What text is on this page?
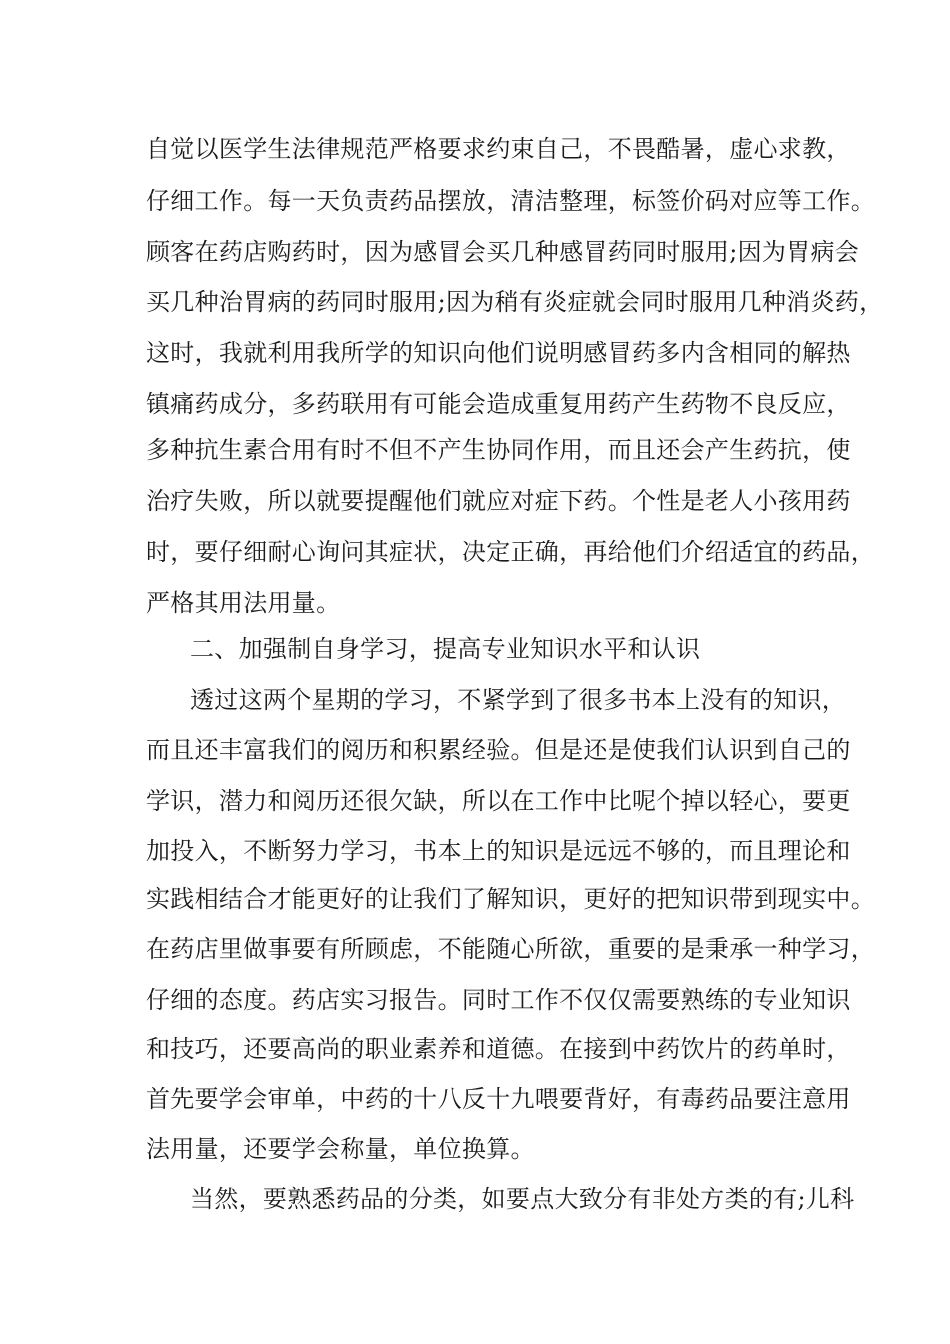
自觉以医学生法律规范严格要求约束自己，不畏酷暑，虚心求教，
仔细工作。每一天负责药品摆放，清洁整理，标签价码对应等工作。
顾客在药店购药时，因为感冒会买几种感冒药同时服用;因为胃病会
买几种治胃病的药同时服用;因为稍有炎症就会同时服用几种消炎药，
这时，我就利用我所学的知识向他们说明感冒药多内含相同的解热
镇痛药成分，多药联用有可能会造成重复用药产生药物不良反应，
多种抗生素合用有时不但不产生协同作用，而且还会产生药抗，使
治疗失败，所以就要提醒他们就应对症下药。个性是老人小孩用药
时，要仔细耐心询问其症状，决定正确，再给他们介绍适宜的药品，
严格其用法用量。
二、加强制自身学习，提高专业知识水平和认识
透过这两个星期的学习，不紧学到了很多书本上没有的知识，
而且还丰富我们的阅历和积累经验。但是还是使我们认识到自己的
学识，潜力和阅历还很欠缺，所以在工作中比呢个掉以轻心，要更
加投入，不断努力学习，书本上的知识是远远不够的，而且理论和
实践相结合才能更好的让我们了解知识，更好的把知识带到现实中。
在药店里做事要有所顾虑，不能随心所欲，重要的是秉承一种学习，
仔细的态度。药店实习报告。同时工作不仅仅需要熟练的专业知识
和技巧，还要高尚的职业素养和道德。在接到中药饮片的药单时，
首先要学会审单，中药的十八反十九喂要背好，有毒药品要注意用
法用量，还要学会称量，单位换算。
当然，要熟悉药品的分类，如要点大致分有非处方类的有;儿科
